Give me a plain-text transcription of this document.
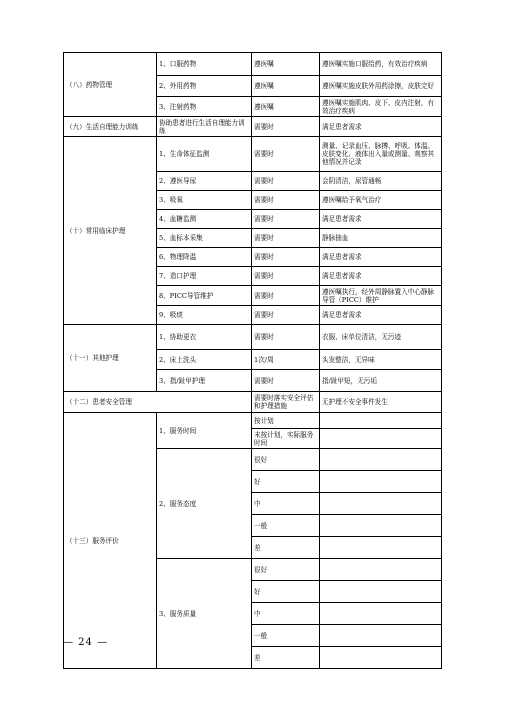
（八）药物管理	1、口服药物	遵医嘱	遵医嘱实施口服给药，有效治疗疾病
	2、外用药物	遵医嘱	遵医嘱实施皮肤外用药涂擦，皮肤完好
	3、注射药物	遵医嘱	遵医嘱实施肌肉、皮下、皮内注射，有效治疗疾病
（九）生活自理能力训练	协助患者进行生活自理能力训练	需要时	满足患者需求
（十）常用临床护理	1、生命体征监测	需要时	测量、记录血压、脉搏、呼吸、体温、皮肤变化、液体出入量或测量、观察其他情况并记录
	2、遵医导尿	需要时	会阴清洁，尿管通畅
	3、吸氧	需要时	遵医嘱给予氧气治疗
	4、血糖监测	需要时	满足患者需求
	5、血标本采集	需要时	静脉抽血
	6、物理降温	需要时	满足患者需求
	7、造口护理	需要时	满足患者需求
	8、PICC导管维护	需要时	遵医嘱执行，经外周静脉置入中心静脉导管（PICC）维护
	9、吸痰	需要时	满足患者需求
（十一）其他护理	1、协助更衣	需要时	衣服、床单位清洁，无污迹
	2、床上洗头	1次/周	头发整洁，无异味
	3、指/趾甲护理	需要时	指/趾甲短，无污垢
（十二）患者安全管理		需要时落实安全评估和护理措施	无护理不安全事件发生
（十三）服务评价	1、服务时间	按计划	
		未按计划，实际服务时间	
	2、服务态度	很好	
		好	
		中	
		一般	
		差	
	3、服务质量	很好	
		好	
		中	
		一般	
		差	
— 24 —
